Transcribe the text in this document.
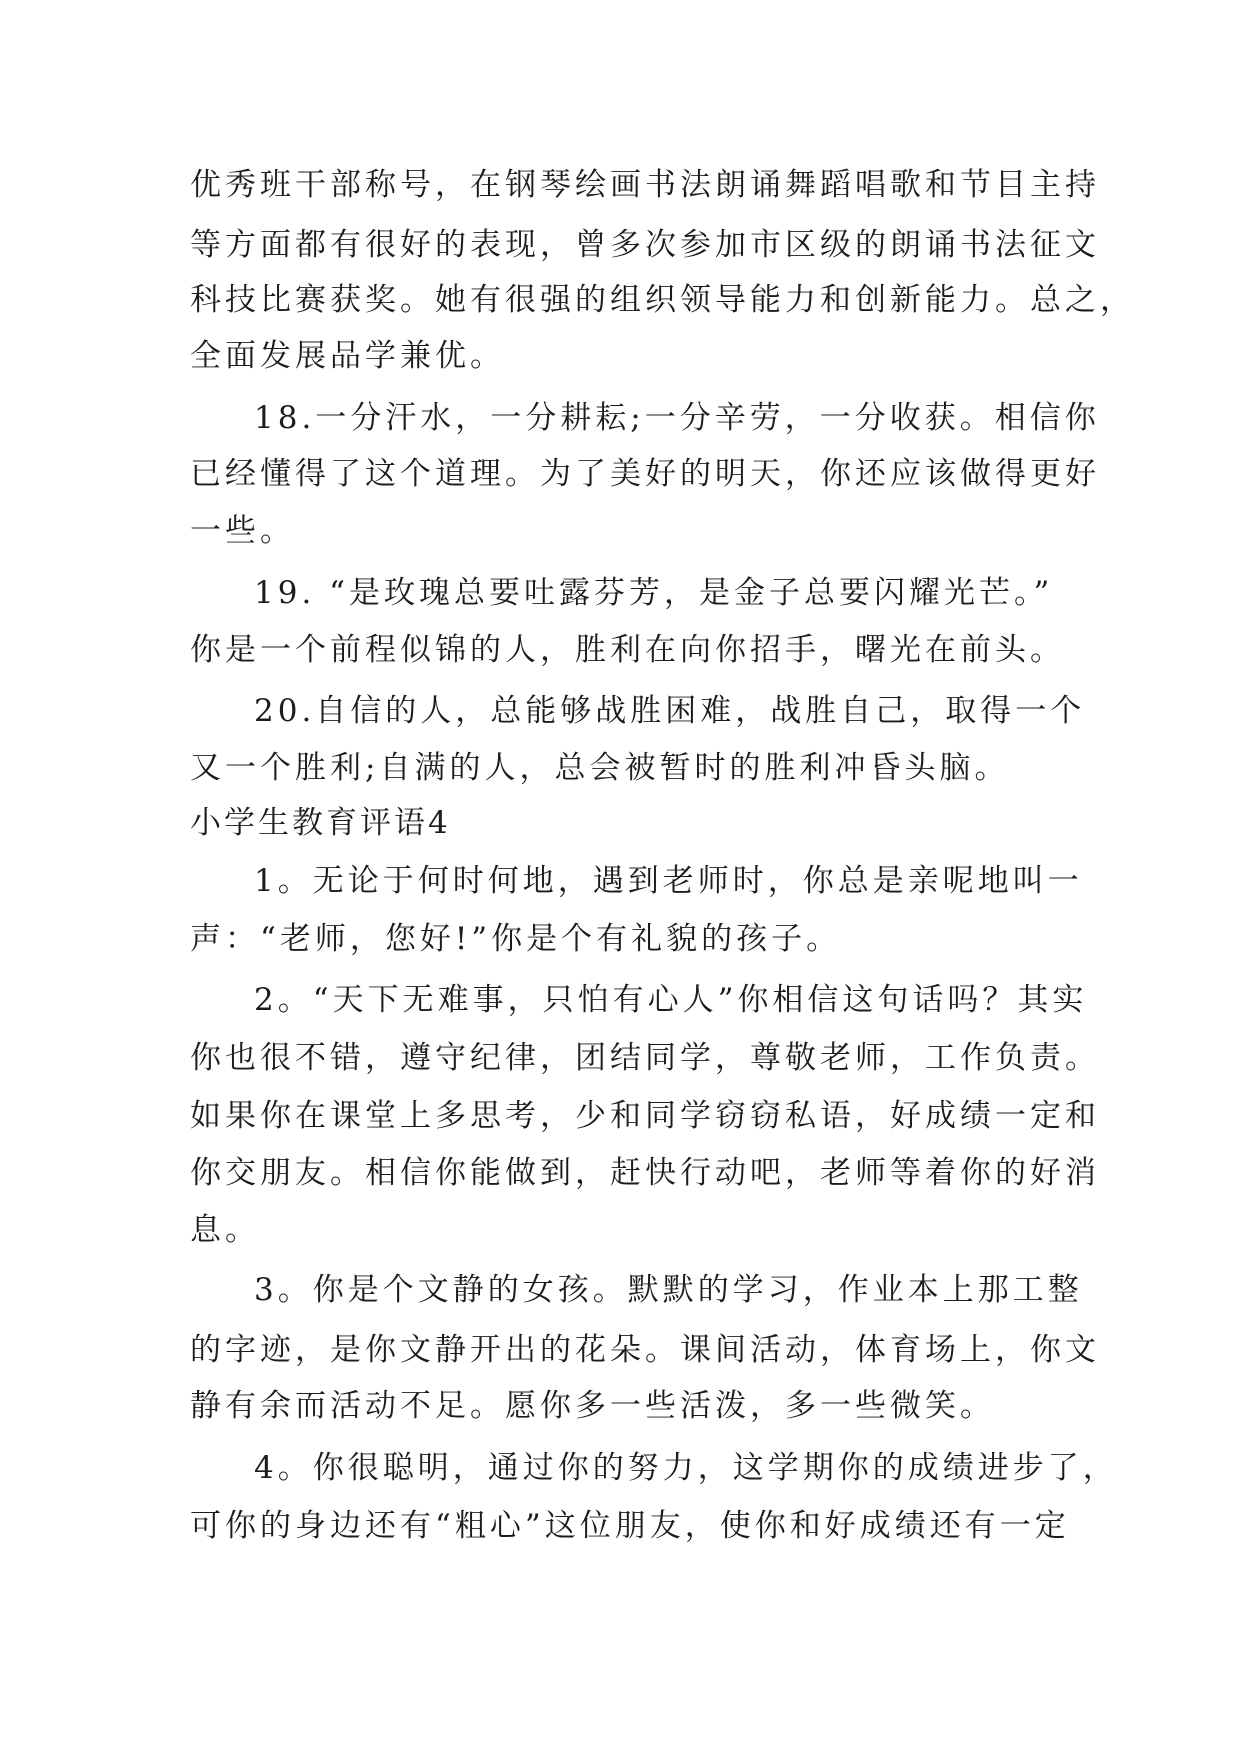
优秀班干部称号，在钢琴绘画书法朗诵舞蹈唱歌和节目主持
等方面都有很好的表现，曾多次参加市区级的朗诵书法征文
科技比赛获奖。她有很强的组织领导能力和创新能力。总之，
全面发展品学兼优。
18.一分汗水，一分耕耘;一分辛劳，一分收获。相信你
已经懂得了这个道理。为了美好的明天，你还应该做得更好
一些。
19. “是玫瑰总要吐露芬芳，是金子总要闪耀光芒。”
你是一个前程似锦的人，胜利在向你招手，曙光在前头。
20.自信的人，总能够战胜困难，战胜自己，取得一个
又一个胜利;自满的人，总会被暂时的胜利冲昏头脑。
小学生教育评语4
1。无论于何时何地，遇到老师时，你总是亲呢地叫一
声：“老师，您好!”你是个有礼貌的孩子。
2。“天下无难事，只怕有心人”你相信这句话吗？其实
你也很不错，遵守纪律，团结同学，尊敬老师，工作负责。
如果你在课堂上多思考，少和同学窃窃私语，好成绩一定和
你交朋友。相信你能做到，赶快行动吧，老师等着你的好消
息。
3。你是个文静的女孩。默默的学习，作业本上那工整
的字迹，是你文静开出的花朵。课间活动，体育场上，你文
静有余而活动不足。愿你多一些活泼，多一些微笑。
4。你很聪明，通过你的努力，这学期你的成绩进步了，
可你的身边还有“粗心”这位朋友，使你和好成绩还有一定
